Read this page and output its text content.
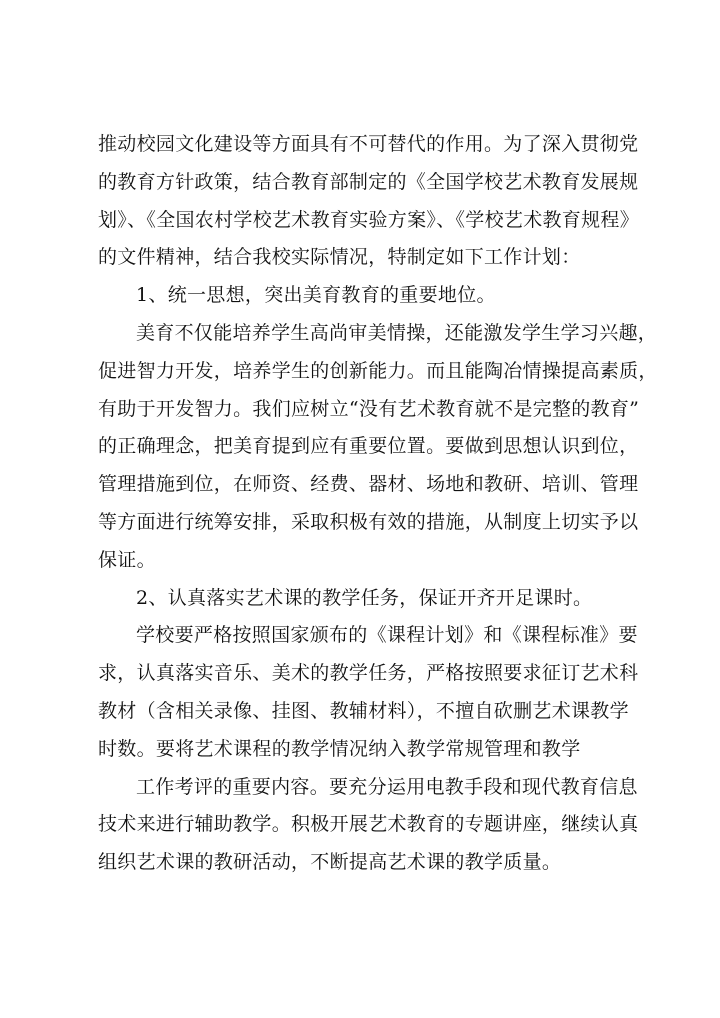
推动校园文化建设等方面具有不可替代的作用。为了深入贯彻党
的教育方针政策，结合教育部制定的《全国学校艺术教育发展规
划》、《全国农村学校艺术教育实验方案》、《学校艺术教育规程》
的文件精神，结合我校实际情况，特制定如下工作计划：
1、统一思想，突出美育教育的重要地位。
美育不仅能培养学生高尚审美情操，还能激发学生学习兴趣，
促进智力开发，培养学生的创新能力。而且能陶冶情操提高素质，
有助于开发智力。我们应树立“没有艺术教育就不是完整的教育”
的正确理念，把美育提到应有重要位置。要做到思想认识到位，
管理措施到位，在师资、经费、器材、场地和教研、培训、管理
等方面进行统筹安排，采取积极有效的措施，从制度上切实予以
保证。
2、认真落实艺术课的教学任务，保证开齐开足课时。
学校要严格按照国家颁布的《课程计划》和《课程标准》要
求，认真落实音乐、美术的教学任务，严格按照要求征订艺术科
教材（含相关录像、挂图、教辅材料），不擅自砍删艺术课教学
时数。要将艺术课程的教学情况纳入教学常规管理和教学
工作考评的重要内容。要充分运用电教手段和现代教育信息
技术来进行辅助教学。积极开展艺术教育的专题讲座，继续认真
组织艺术课的教研活动，不断提高艺术课的教学质量。
